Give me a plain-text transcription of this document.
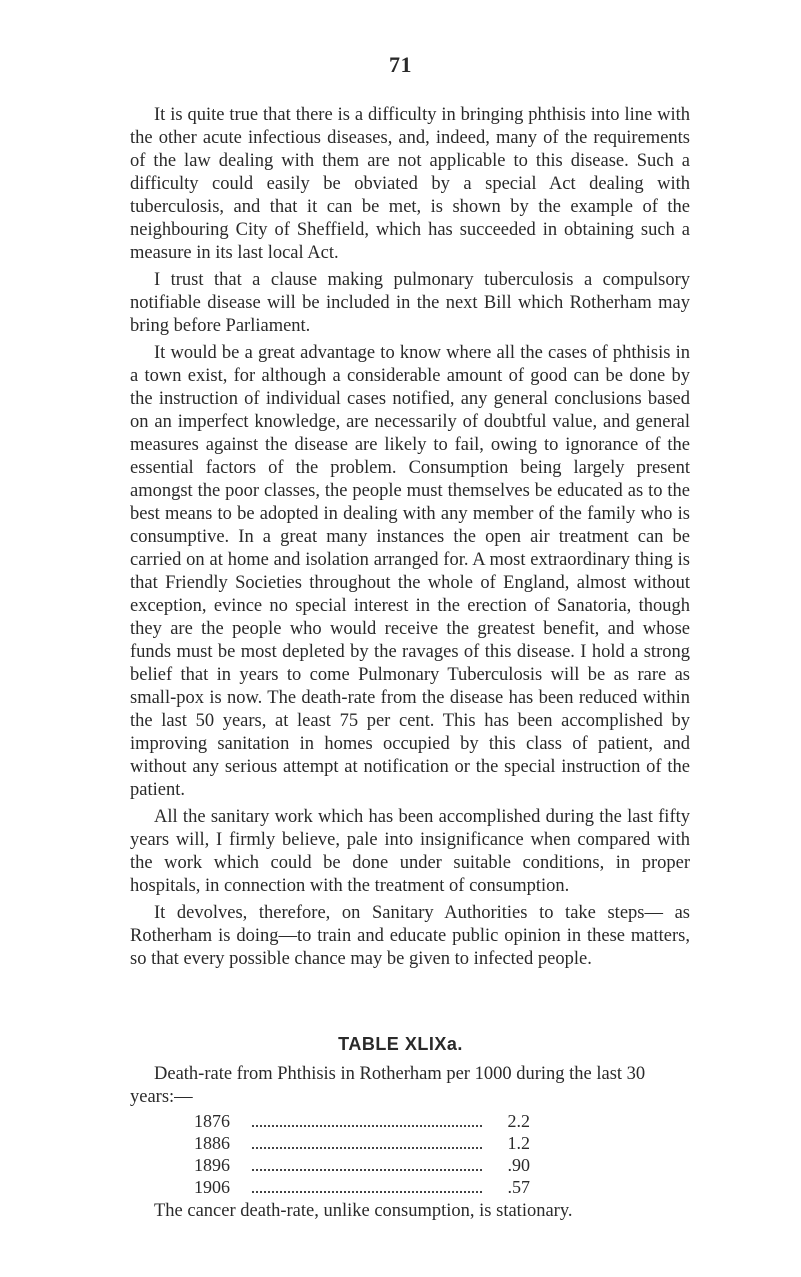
71

It is quite true that there is a difficulty in bringing phthisis into line with the other acute infectious diseases, and, indeed, many of the requirements of the law dealing with them are not applicable to this disease. Such a difficulty could easily be obviated by a special Act dealing with tuberculosis, and that it can be met, is shown by the example of the neighbouring City of Sheffield, which has succeeded in obtaining such a measure in its last local Act.

I trust that a clause making pulmonary tuberculosis a compulsory notifiable disease will be included in the next Bill which Rotherham may bring before Parliament.

It would be a great advantage to know where all the cases of phthisis in a town exist, for although a considerable amount of good can be done by the instruction of individual cases notified, any general conclusions based on an imperfect knowledge, are necessarily of doubtful value, and general measures against the disease are likely to fail, owing to ignorance of the essential factors of the problem. Consumption being largely present amongst the poor classes, the people must themselves be educated as to the best means to be adopted in dealing with any member of the family who is consumptive. In a great many instances the open air treatment can be carried on at home and isolation arranged for. A most extraordinary thing is that Friendly Societies throughout the whole of England, almost without exception, evince no special interest in the erection of Sanatoria, though they are the people who would receive the greatest benefit, and whose funds must be most depleted by the ravages of this disease. I hold a strong belief that in years to come Pulmonary Tuberculosis will be as rare as small-pox is now. The death-rate from the disease has been reduced within the last 50 years, at least 75 per cent. This has been accomplished by improving sanitation in homes occupied by this class of patient, and without any serious attempt at notification or the special instruction of the patient.

All the sanitary work which has been accomplished during the last fifty years will, I firmly believe, pale into insignificance when compared with the work which could be done under suitable conditions, in proper hospitals, in connection with the treatment of consumption.

It devolves, therefore, on Sanitary Authorities to take steps— as Rotherham is doing—to train and educate public opinion in these matters, so that every possible chance may be given to infected people.

TABLE XLIXa.
Death-rate from Phthisis in Rotherham per 1000 during the last 30 years:—
1876	2.2
1886	1.2
1896	.90
1906	.57
The cancer death-rate, unlike consumption, is stationary.
